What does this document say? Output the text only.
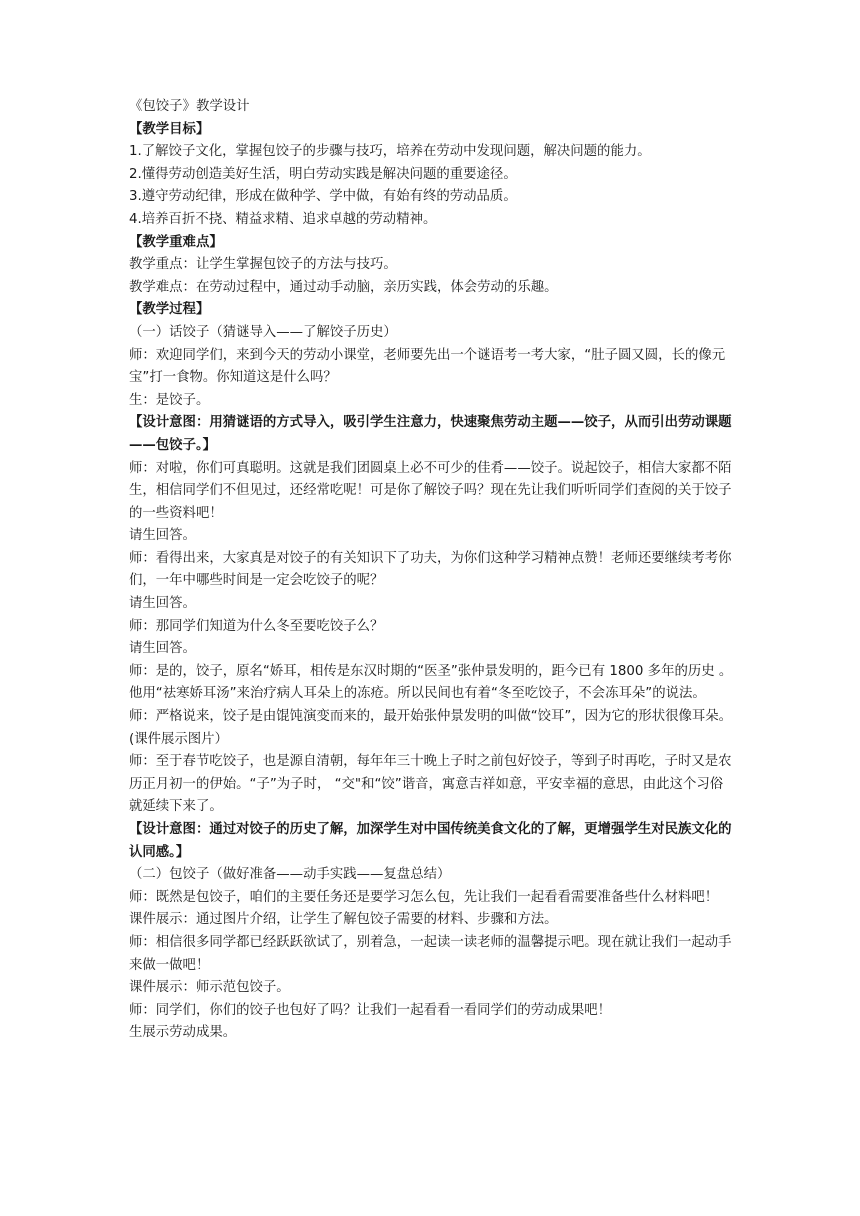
《包饺子》教学设计

【教学目标】

1.了解饺子文化，掌握包饺子的步骤与技巧，培养在劳动中发现问题，解决问题的能力。

2.懂得劳动创造美好生活，明白劳动实践是解决问题的重要途径。

3.遵守劳动纪律，形成在做种学、学中做，有始有终的劳动品质。

4.培养百折不挠、精益求精、追求卓越的劳动精神。

【教学重难点】

教学重点：让学生掌握包饺子的方法与技巧。

教学难点：在劳动过程中，通过动手动脑，亲历实践，体会劳动的乐趣。

【教学过程】

（一）话饺子（猜谜导入——了解饺子历史）

师：欢迎同学们，来到今天的劳动小课堂，老师要先出一个谜语考一考大家，“肚子圆又圆，长的像元宝”打一食物。你知道这是什么吗？

生：是饺子。

【设计意图：用猜谜语的方式导入，吸引学生注意力，快速聚焦劳动主题——饺子，从而引出劳动课题——包饺子。】

师：对啦，你们可真聪明。这就是我们团圆桌上必不可少的佳肴——饺子。说起饺子，相信大家都不陌生，相信同学们不但见过，还经常吃呢！可是你了解饺子吗？现在先让我们听听同学们查阅的关于饺子的一些资料吧！

请生回答。

师：看得出来，大家真是对饺子的有关知识下了功夫，为你们这种学习精神点赞！老师还要继续考考你们，一年中哪些时间是一定会吃饺子的呢？

请生回答。

师：那同学们知道为什么冬至要吃饺子么？

请生回答。

师：是的，饺子，原名“娇耳，相传是东汉时期的“医圣”张仲景发明的，距今已有 1800 多年的历史 。他用“祛寒娇耳汤”来治疗病人耳朵上的冻疮。所以民间也有着“冬至吃饺子，不会冻耳朵”的说法。

师：严格说来，饺子是由馄饨演变而来的，最开始张仲景发明的叫做“饺耳”，因为它的形状很像耳朵。(课件展示图片）

师：至于春节吃饺子，也是源自清朝，每年年三十晚上子时之前包好饺子，等到子时再吃，子时又是农历正月初一的伊始。“子”为子时， “交"和“饺”谐音，寓意吉祥如意，平安幸福的意思，由此这个习俗就延续下来了。

【设计意图：通过对饺子的历史了解，加深学生对中国传统美食文化的了解，更增强学生对民族文化的认同感。】

（二）包饺子（做好准备——动手实践——复盘总结）

师：既然是包饺子，咱们的主要任务还是要学习怎么包，先让我们一起看看需要准备些什么材料吧！

课件展示：通过图片介绍，让学生了解包饺子需要的材料、步骤和方法。

师：相信很多同学都已经跃跃欲试了，别着急，一起读一读老师的温馨提示吧。现在就让我们一起动手来做一做吧！

课件展示：师示范包饺子。

师：同学们，你们的饺子也包好了吗？让我们一起看看一看同学们的劳动成果吧！

生展示劳动成果。
